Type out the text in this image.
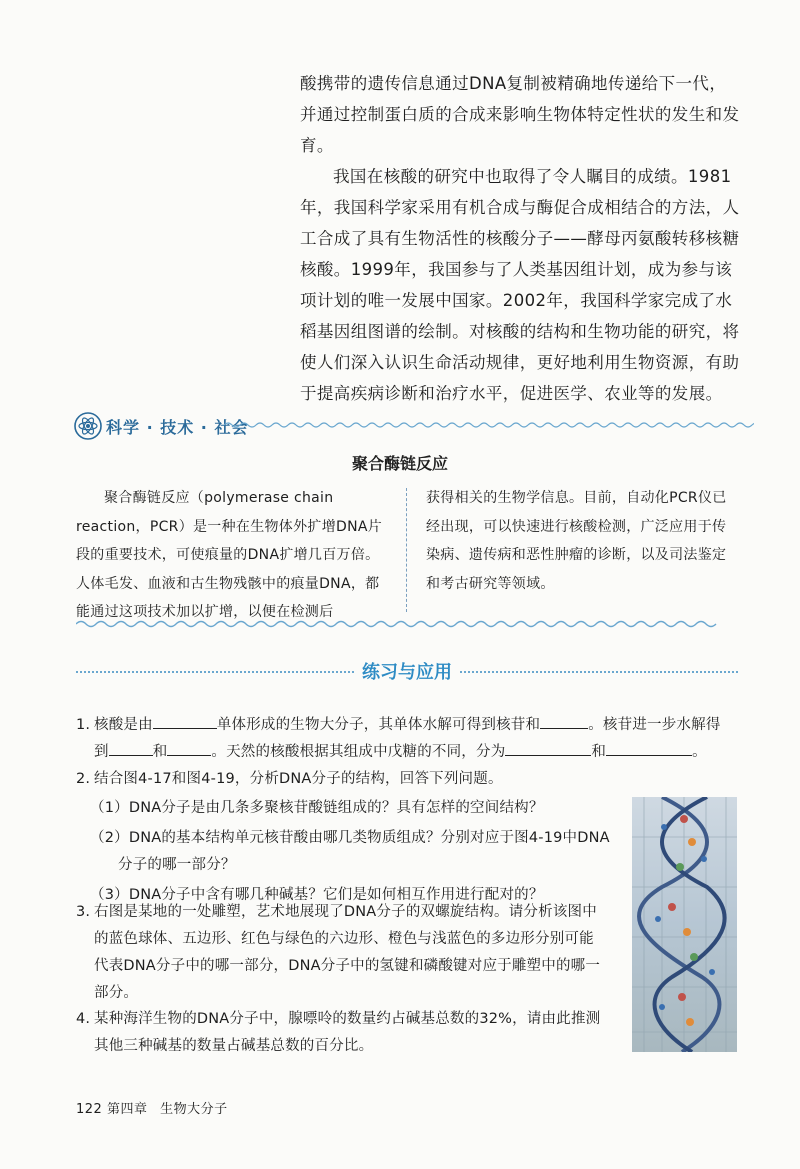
酸携带的遗传信息通过DNA复制被精确地传递给下一代，并通过控制蛋白质的合成来影响生物体特定性状的发生和发育。

我国在核酸的研究中也取得了令人瞩目的成绩。1981年，我国科学家采用有机合成与酶促合成相结合的方法，人工合成了具有生物活性的核酸分子——酵母丙氨酸转移核糖核酸。1999年，我国参与了人类基因组计划，成为参与该项计划的唯一发展中国家。2002年，我国科学家完成了水稻基因组图谱的绘制。对核酸的结构和生物功能的研究，将使人们深入认识生命活动规律，更好地利用生物资源，有助于提高疾病诊断和治疗水平，促进医学、农业等的发展。

科学 · 技术 · 社会
聚合酶链反应

聚合酶链反应（polymerase chain reaction，PCR）是一种在生物体外扩增DNA片段的重要技术，可使痕量的DNA扩增几百万倍。人体毛发、血液和古生物残骸中的痕量DNA，都能通过这项技术加以扩增，以便在检测后

获得相关的生物学信息。目前，自动化PCR仪已经出现，可以快速进行核酸检测，广泛应用于传染病、遗传病和恶性肿瘤的诊断，以及司法鉴定和考古研究等领域。

练习与应用

1. 核酸是由	单体形成的生物大分子，其单体水解可得到核苷和	。核苷进一步水解得

到	和	。天然的核酸根据其组成中戊糖的不同，分为	和	。

2. 结合图4-17和图4-19，分析DNA分子的结构，回答下列问题。

（1）DNA分子是由几条多聚核苷酸链组成的？具有怎样的空间结构？

（2）DNA的基本结构单元核苷酸由哪几类物质组成？分别对应于图4-19中DNA

分子的哪一部分？

（3）DNA分子中含有哪几种碱基？它们是如何相互作用进行配对的？

3. 右图是某地的一处雕塑，艺术地展现了DNA分子的双螺旋结构。请分析该图中

的蓝色球体、五边形、红色与绿色的六边形、橙色与浅蓝色的多边形分别可能

代表DNA分子中的哪一部分，DNA分子中的氢键和磷酸键对应于雕塑中的哪一

部分。

4. 某种海洋生物的DNA分子中，腺嘌呤的数量约占碱基总数的32%，请由此推测

其他三种碱基的数量占碱基总数的百分比。

122 第四章 生物大分子
